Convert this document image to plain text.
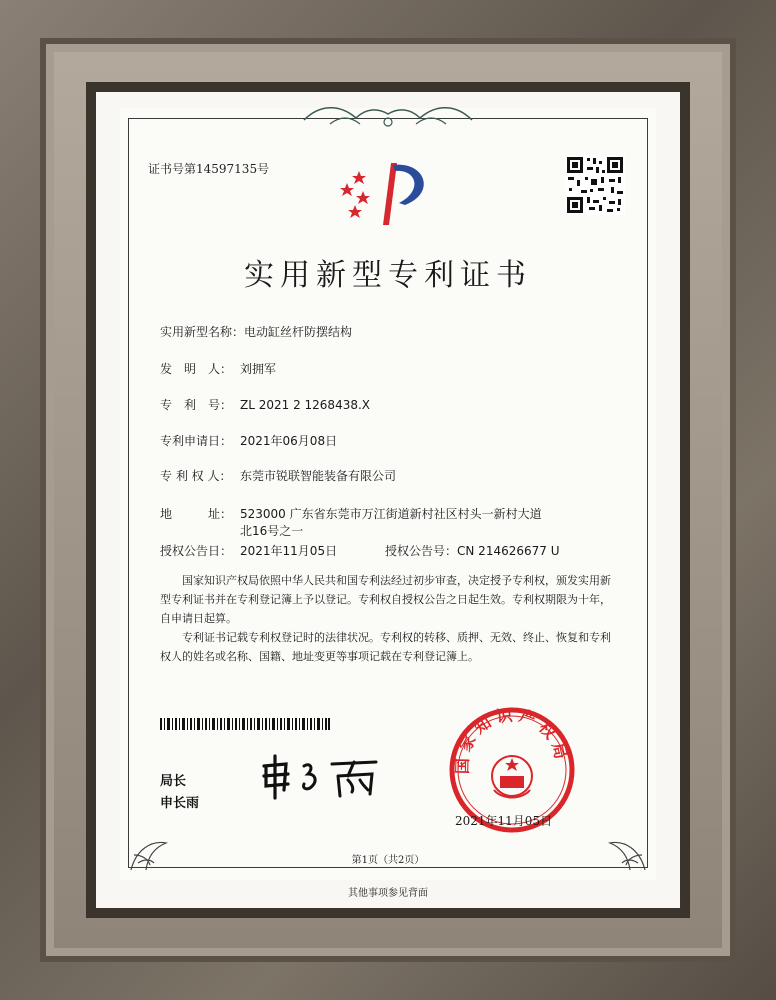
证书号第14597135号
实用新型专利证书
实用新型名称：电动缸丝杆防摆结构
发　明　人： 刘拥军
专　利　号： ZL 2021 2 1268438.X
专利申请日： 2021年06月08日
专 利 权 人： 东莞市锐联智能装备有限公司
地　　　址： 523000 广东省东莞市万江街道新村社区村头一新村大道
北16号之一
授权公告日： 2021年11月05日	授权公告号：CN 214626677 U
国家知识产权局依照中华人民共和国专利法经过初步审查，决定授予专利权，颁发实用新型专利证书并在专利登记簿上予以登记。专利权自授权公告之日起生效。专利权期限为十年，自申请日起算。
专利证书记载专利权登记时的法律状况。专利权的转移、质押、无效、终止、恢复和专利权人的姓名或名称、国籍、地址变更等事项记载在专利登记簿上。
局长
申长雨
国家知识产权局
2021年11月05日
第1页（共2页）
其他事项参见背面
